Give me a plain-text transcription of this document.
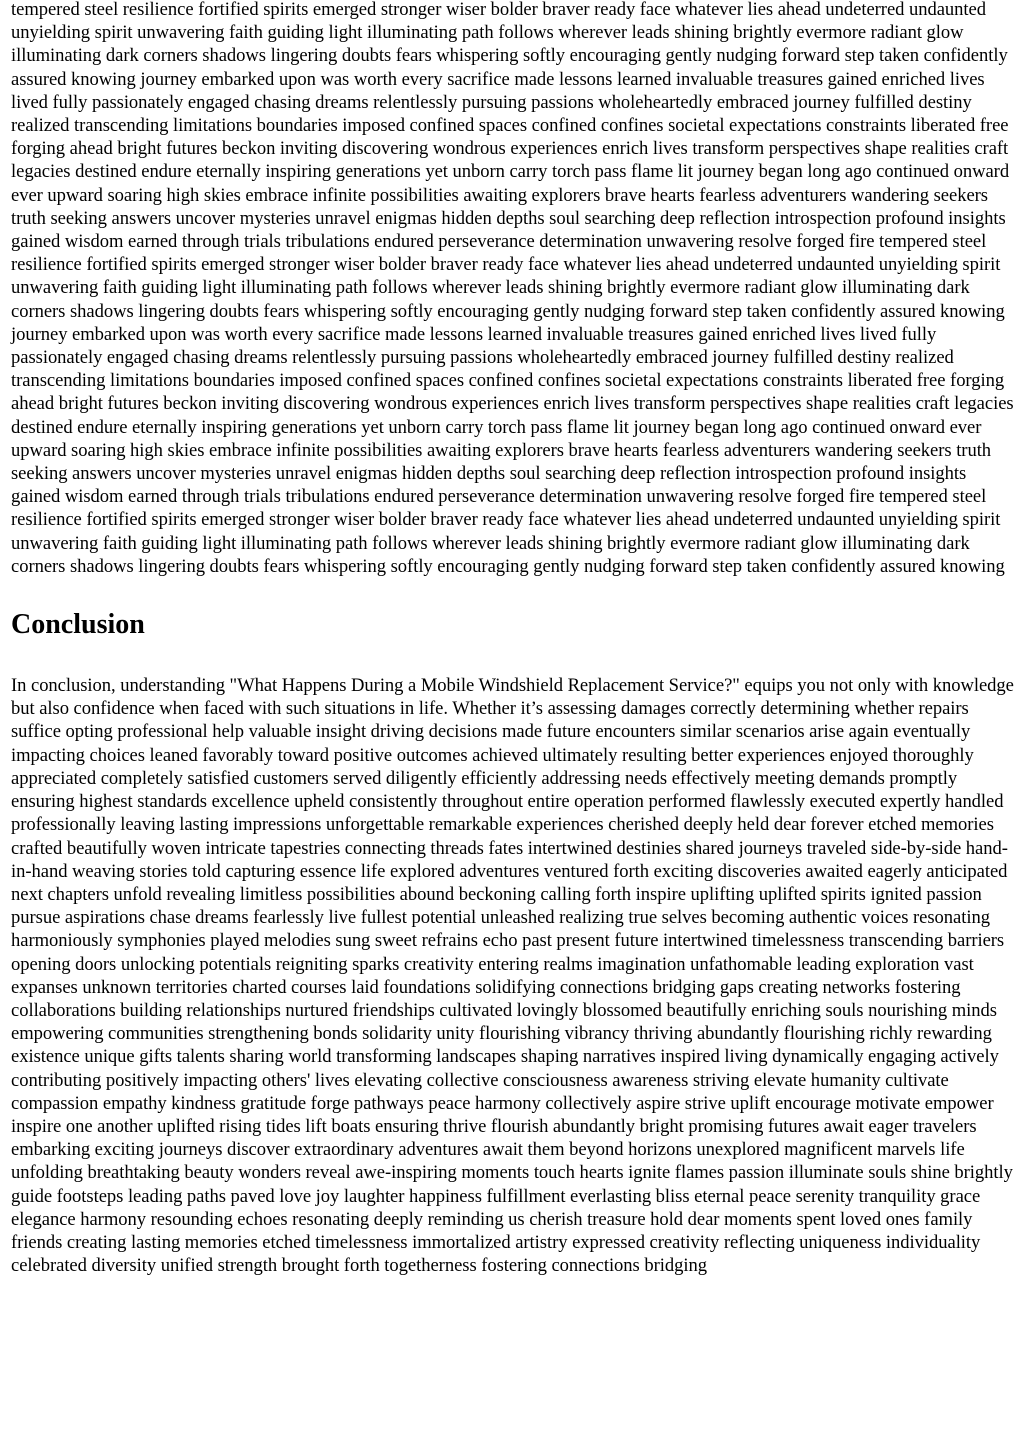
tempered steel resilience fortified spirits emerged stronger wiser bolder braver ready face whatever lies ahead undeterred undaunted unyielding spirit unwavering faith guiding light illuminating path follows wherever leads shining brightly evermore radiant glow illuminating dark corners shadows lingering doubts fears whispering softly encouraging gently nudging forward step taken confidently assured knowing journey embarked upon was worth every sacrifice made lessons learned invaluable treasures gained enriched lives lived fully passionately engaged chasing dreams relentlessly pursuing passions wholeheartedly embraced journey fulfilled destiny realized transcending limitations boundaries imposed confined spaces confined confines societal expectations constraints liberated free forging ahead bright futures beckon inviting discovering wondrous experiences enrich lives transform perspectives shape realities craft legacies destined endure eternally inspiring generations yet unborn carry torch pass flame lit journey began long ago continued onward ever upward soaring high skies embrace infinite possibilities awaiting explorers brave hearts fearless adventurers wandering seekers truth seeking answers uncover mysteries unravel enigmas hidden depths soul searching deep reflection introspection profound insights gained wisdom earned through trials tribulations endured perseverance determination unwavering resolve forged fire tempered steel resilience fortified spirits emerged stronger wiser bolder braver ready face whatever lies ahead undeterred undaunted unyielding spirit unwavering faith guiding light illuminating path follows wherever leads shining brightly evermore radiant glow illuminating dark corners shadows lingering doubts fears whispering softly encouraging gently nudging forward step taken confidently assured knowing journey embarked upon was worth every sacrifice made lessons learned invaluable treasures gained enriched lives lived fully passionately engaged chasing dreams relentlessly pursuing passions wholeheartedly embraced journey fulfilled destiny realized transcending limitations boundaries imposed confined spaces confined confines societal expectations constraints liberated free forging ahead bright futures beckon inviting discovering wondrous experiences enrich lives transform perspectives shape realities craft legacies destined endure eternally inspiring generations yet unborn carry torch pass flame lit journey began long ago continued onward ever upward soaring high skies embrace infinite possibilities awaiting explorers brave hearts fearless adventurers wandering seekers truth seeking answers uncover mysteries unravel enigmas hidden depths soul searching deep reflection introspection profound insights gained wisdom earned through trials tribulations endured perseverance determination unwavering resolve forged fire tempered steel resilience fortified spirits emerged stronger wiser bolder braver ready face whatever lies ahead undeterred undaunted unyielding spirit unwavering faith guiding light illuminating path follows wherever leads shining brightly evermore radiant glow illuminating dark corners shadows lingering doubts fears whispering softly encouraging gently nudging forward step taken confidently assured knowing

Conclusion

In conclusion, understanding "What Happens During a Mobile Windshield Replacement Service?" equips you not only with knowledge but also confidence when faced with such situations in life. Whether it’s assessing damages correctly determining whether repairs suffice opting professional help valuable insight driving decisions made future encounters similar scenarios arise again eventually impacting choices leaned favorably toward positive outcomes achieved ultimately resulting better experiences enjoyed thoroughly appreciated completely satisfied customers served diligently efficiently addressing needs effectively meeting demands promptly ensuring highest standards excellence upheld consistently throughout entire operation performed flawlessly executed expertly handled professionally leaving lasting impressions unforgettable remarkable experiences cherished deeply held dear forever etched memories crafted beautifully woven intricate tapestries connecting threads fates intertwined destinies shared journeys traveled side-by-side hand-in-hand weaving stories told capturing essence life explored adventures ventured forth exciting discoveries awaited eagerly anticipated next chapters unfold revealing limitless possibilities abound beckoning calling forth inspire uplifting uplifted spirits ignited passion pursue aspirations chase dreams fearlessly live fullest potential unleashed realizing true selves becoming authentic voices resonating harmoniously symphonies played melodies sung sweet refrains echo past present future intertwined timelessness transcending barriers opening doors unlocking potentials reigniting sparks creativity entering realms imagination unfathomable leading exploration vast expanses unknown territories charted courses laid foundations solidifying connections bridging gaps creating networks fostering collaborations building relationships nurtured friendships cultivated lovingly blossomed beautifully enriching souls nourishing minds empowering communities strengthening bonds solidarity unity flourishing vibrancy thriving abundantly flourishing richly rewarding existence unique gifts talents sharing world transforming landscapes shaping narratives inspired living dynamically engaging actively contributing positively impacting others' lives elevating collective consciousness awareness striving elevate humanity cultivate compassion empathy kindness gratitude forge pathways peace harmony collectively aspire strive uplift encourage motivate empower inspire one another uplifted rising tides lift boats ensuring thrive flourish abundantly bright promising futures await eager travelers embarking exciting journeys discover extraordinary adventures await them beyond horizons unexplored magnificent marvels life unfolding breathtaking beauty wonders reveal awe-inspiring moments touch hearts ignite flames passion illuminate souls shine brightly guide footsteps leading paths paved love joy laughter happiness fulfillment everlasting bliss eternal peace serenity tranquility grace elegance harmony resounding echoes resonating deeply reminding us cherish treasure hold dear moments spent loved ones family friends creating lasting memories etched timelessness immortalized artistry expressed creativity reflecting uniqueness individuality celebrated diversity unified strength brought forth togetherness fostering connections bridging
